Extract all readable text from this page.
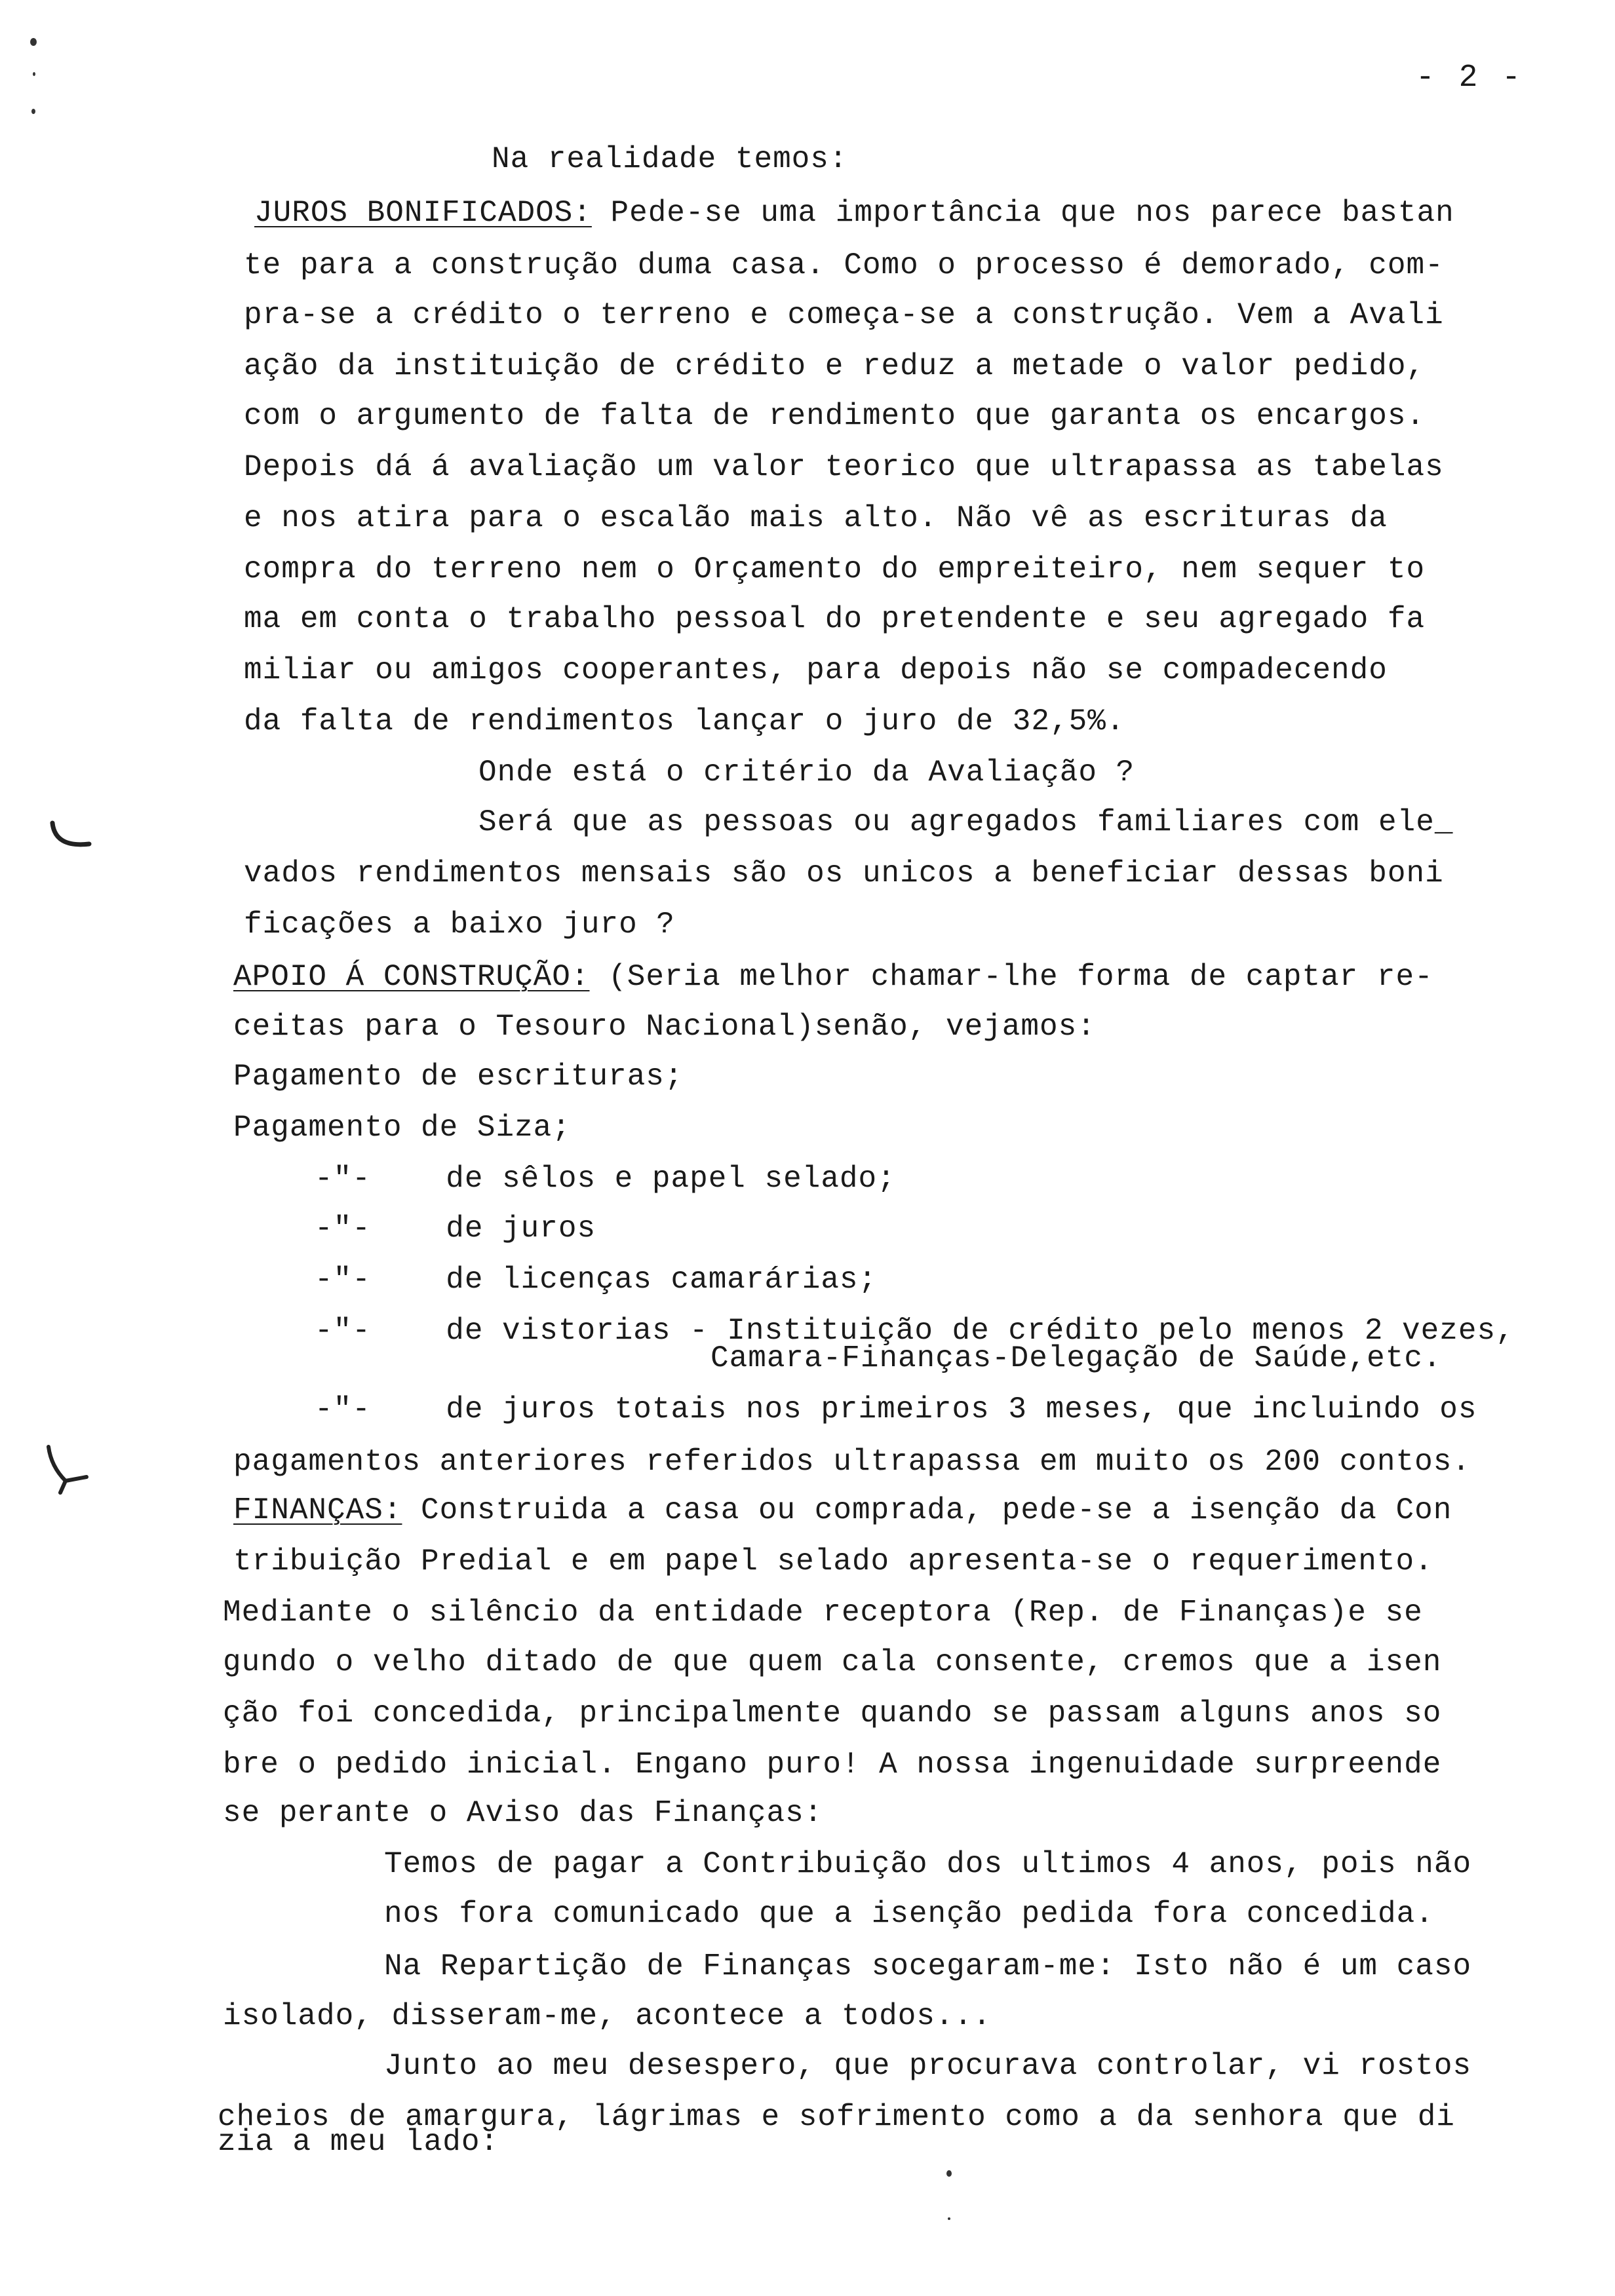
- 2 -
Na realidade temos:
JUROS BONIFICADOS: Pede-se uma importância que nos parece bastan
te para a construção duma casa. Como o processo é demorado, com-
pra-se a crédito o terreno e começa-se a construção. Vem a Avali
ação da instituição de crédito e reduz a metade o valor pedido,
com o argumento de falta de rendimento que garanta os encargos.
Depois dá á avaliação um valor teorico que ultrapassa as tabelas
e nos atira para o escalão mais alto. Não vê as escrituras da
compra do terreno nem o Orçamento do empreiteiro, nem sequer to
ma em conta o trabalho pessoal do pretendente e seu agregado fa
miliar ou amigos cooperantes, para depois não se compadecendo
da falta de rendimentos lançar o juro de 32,5%.
Onde está o critério da Avaliação ?
Será que as pessoas ou agregados familiares com ele_
vados rendimentos mensais são os unicos a beneficiar dessas boni
ficações a baixo juro ?
APOIO Á CONSTRUÇÃO: (Seria melhor chamar-lhe forma de captar re-
ceitas para o Tesouro Nacional)senão, vejamos:
Pagamento de escrituras;
Pagamento de Siza;
-"-    de sêlos e papel selado;
-"-    de juros
-"-    de licenças camarárias;
-"-    de vistorias - Instituição de crédito pelo menos 2 vezes,
Camara-Finanças-Delegação de Saúde,etc.
-"-    de juros totais nos primeiros 3 meses, que incluindo os
pagamentos anteriores referidos ultrapassa em muito os 200 contos.
FINANÇAS: Construida a casa ou comprada, pede-se a isenção da Con
tribuição Predial e em papel selado apresenta-se o requerimento.
Mediante o silêncio da entidade receptora (Rep. de Finanças)e se
gundo o velho ditado de que quem cala consente, cremos que a isen
ção foi concedida, principalmente quando se passam alguns anos so
bre o pedido inicial. Engano puro! A nossa ingenuidade surpreende
se perante o Aviso das Finanças:
Temos de pagar a Contribuição dos ultimos 4 anos, pois não
nos fora comunicado que a isenção pedida fora concedida.
Na Repartição de Finanças socegaram-me: Isto não é um caso
isolado, disseram-me, acontece a todos...
Junto ao meu desespero, que procurava controlar, vi rostos
cheios de amargura, lágrimas e sofrimento como a da senhora que di
zia a meu lado:
